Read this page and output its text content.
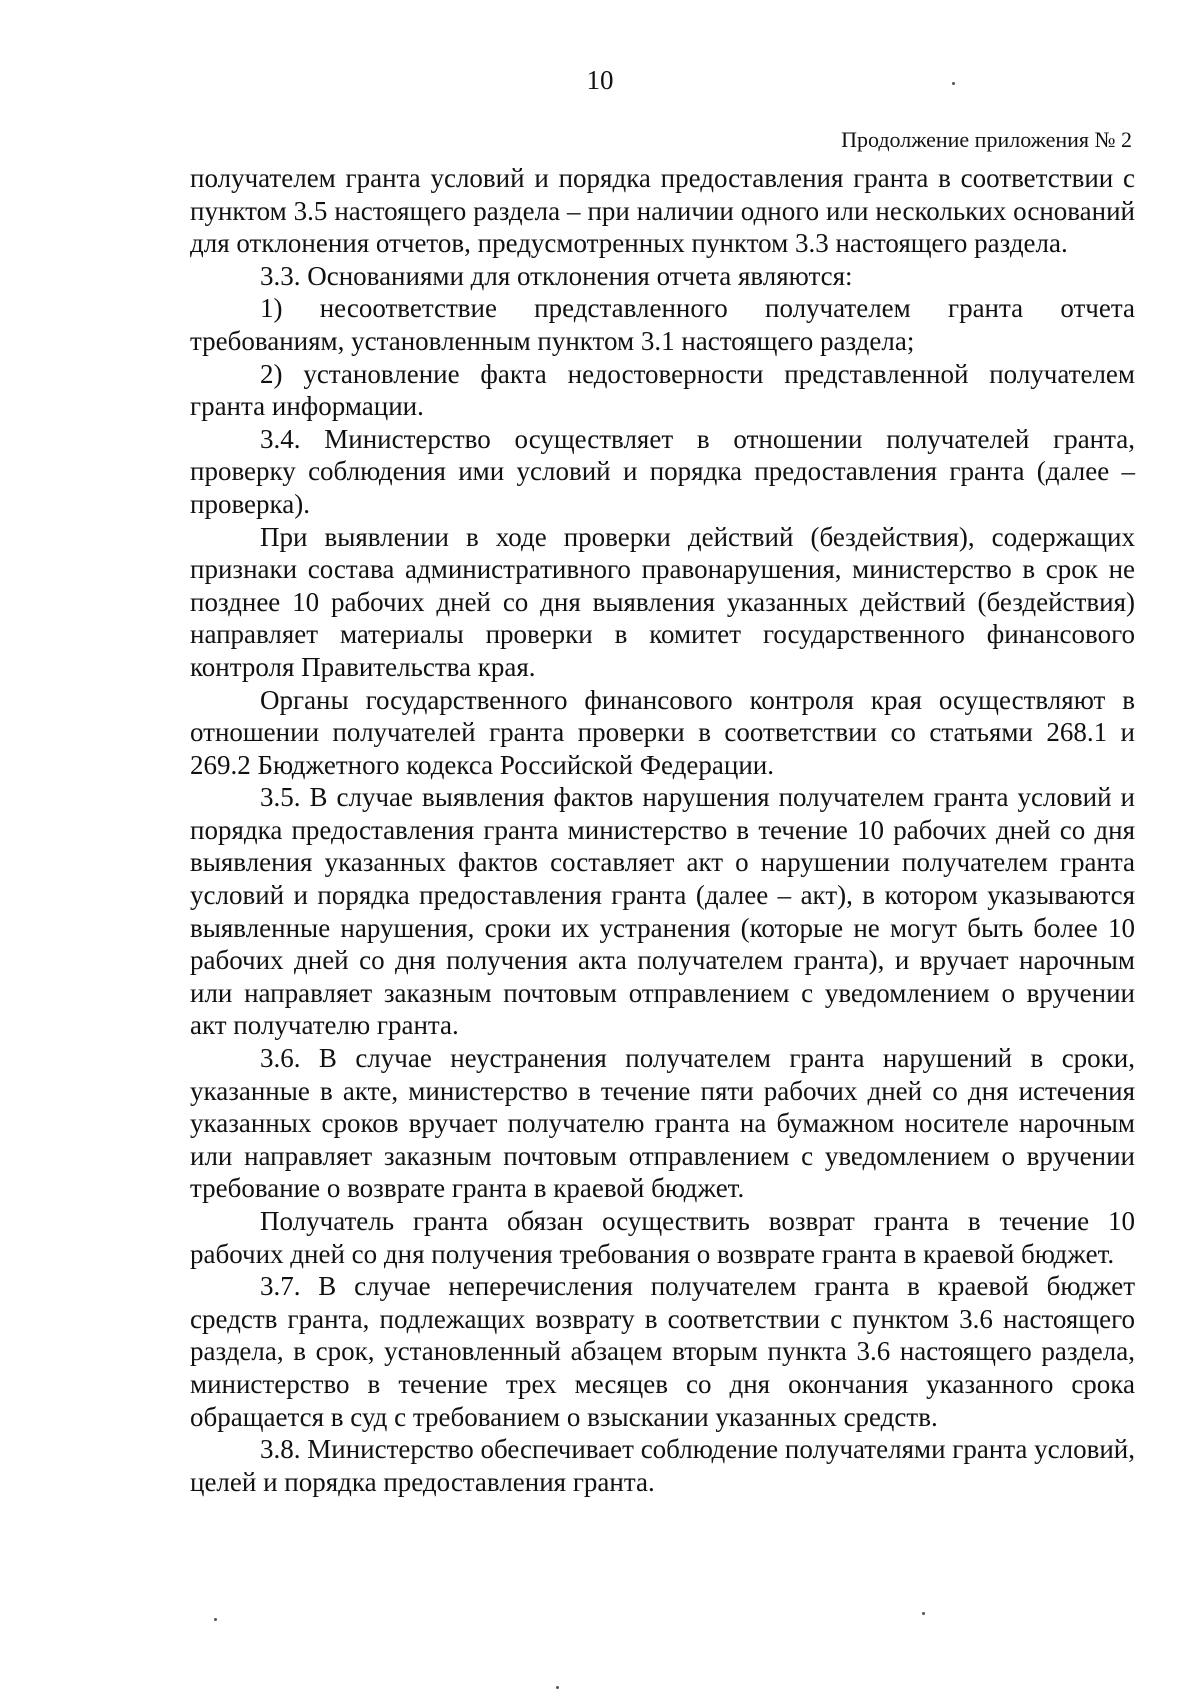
10
Продолжение приложения № 2

получателем гранта условий и порядка предоставления гранта в соответствии с пунктом 3.5 настоящего раздела – при наличии одного или нескольких оснований для отклонения отчетов, предусмотренных пунктом 3.3 настоящего раздела.

3.3. Основаниями для отклонения отчета являются:

1) несоответствие представленного получателем гранта отчета требованиям, установленным пунктом 3.1 настоящего раздела;

2) установление факта недостоверности представленной получателем гранта информации.

3.4. Министерство осуществляет в отношении получателей гранта, проверку соблюдения ими условий и порядка предоставления гранта (далее – проверка).

При выявлении в ходе проверки действий (бездействия), содержащих признаки состава административного правонарушения, министерство в срок не позднее 10 рабочих дней со дня выявления указанных действий (бездействия) направляет материалы проверки в комитет государственного финансового контроля Правительства края.

Органы государственного финансового контроля края осуществляют в отношении получателей гранта проверки в соответствии со статьями 268.1 и 269.2 Бюджетного кодекса Российской Федерации.

3.5. В случае выявления фактов нарушения получателем гранта условий и порядка предоставления гранта министерство в течение 10 рабочих дней со дня выявления указанных фактов составляет акт о нарушении получателем гранта условий и порядка предоставления гранта (далее – акт), в котором указываются выявленные нарушения, сроки их устранения (которые не могут быть более 10 рабочих дней со дня получения акта получателем гранта), и вручает нарочным или направляет заказным почтовым отправлением с уведомлением о вручении акт получателю гранта.

3.6. В случае неустранения получателем гранта нарушений в сроки, указанные в акте, министерство в течение пяти рабочих дней со дня истечения указанных сроков вручает получателю гранта на бумажном носителе нарочным или направляет заказным почтовым отправлением с уведомлением о вручении требование о возврате гранта в краевой бюджет.

Получатель гранта обязан осуществить возврат гранта в течение 10 рабочих дней со дня получения требования о возврате гранта в краевой бюджет.

3.7. В случае неперечисления получателем гранта в краевой бюджет средств гранта, подлежащих возврату в соответствии с пунктом 3.6 настоящего раздела, в срок, установленный абзацем вторым пункта 3.6 настоящего раздела, министерство в течение трех месяцев со дня окончания указанного срока обращается в суд с требованием о взыскании указанных средств.

3.8. Министерство обеспечивает соблюдение получателями гранта условий, целей и порядка предоставления гранта.
